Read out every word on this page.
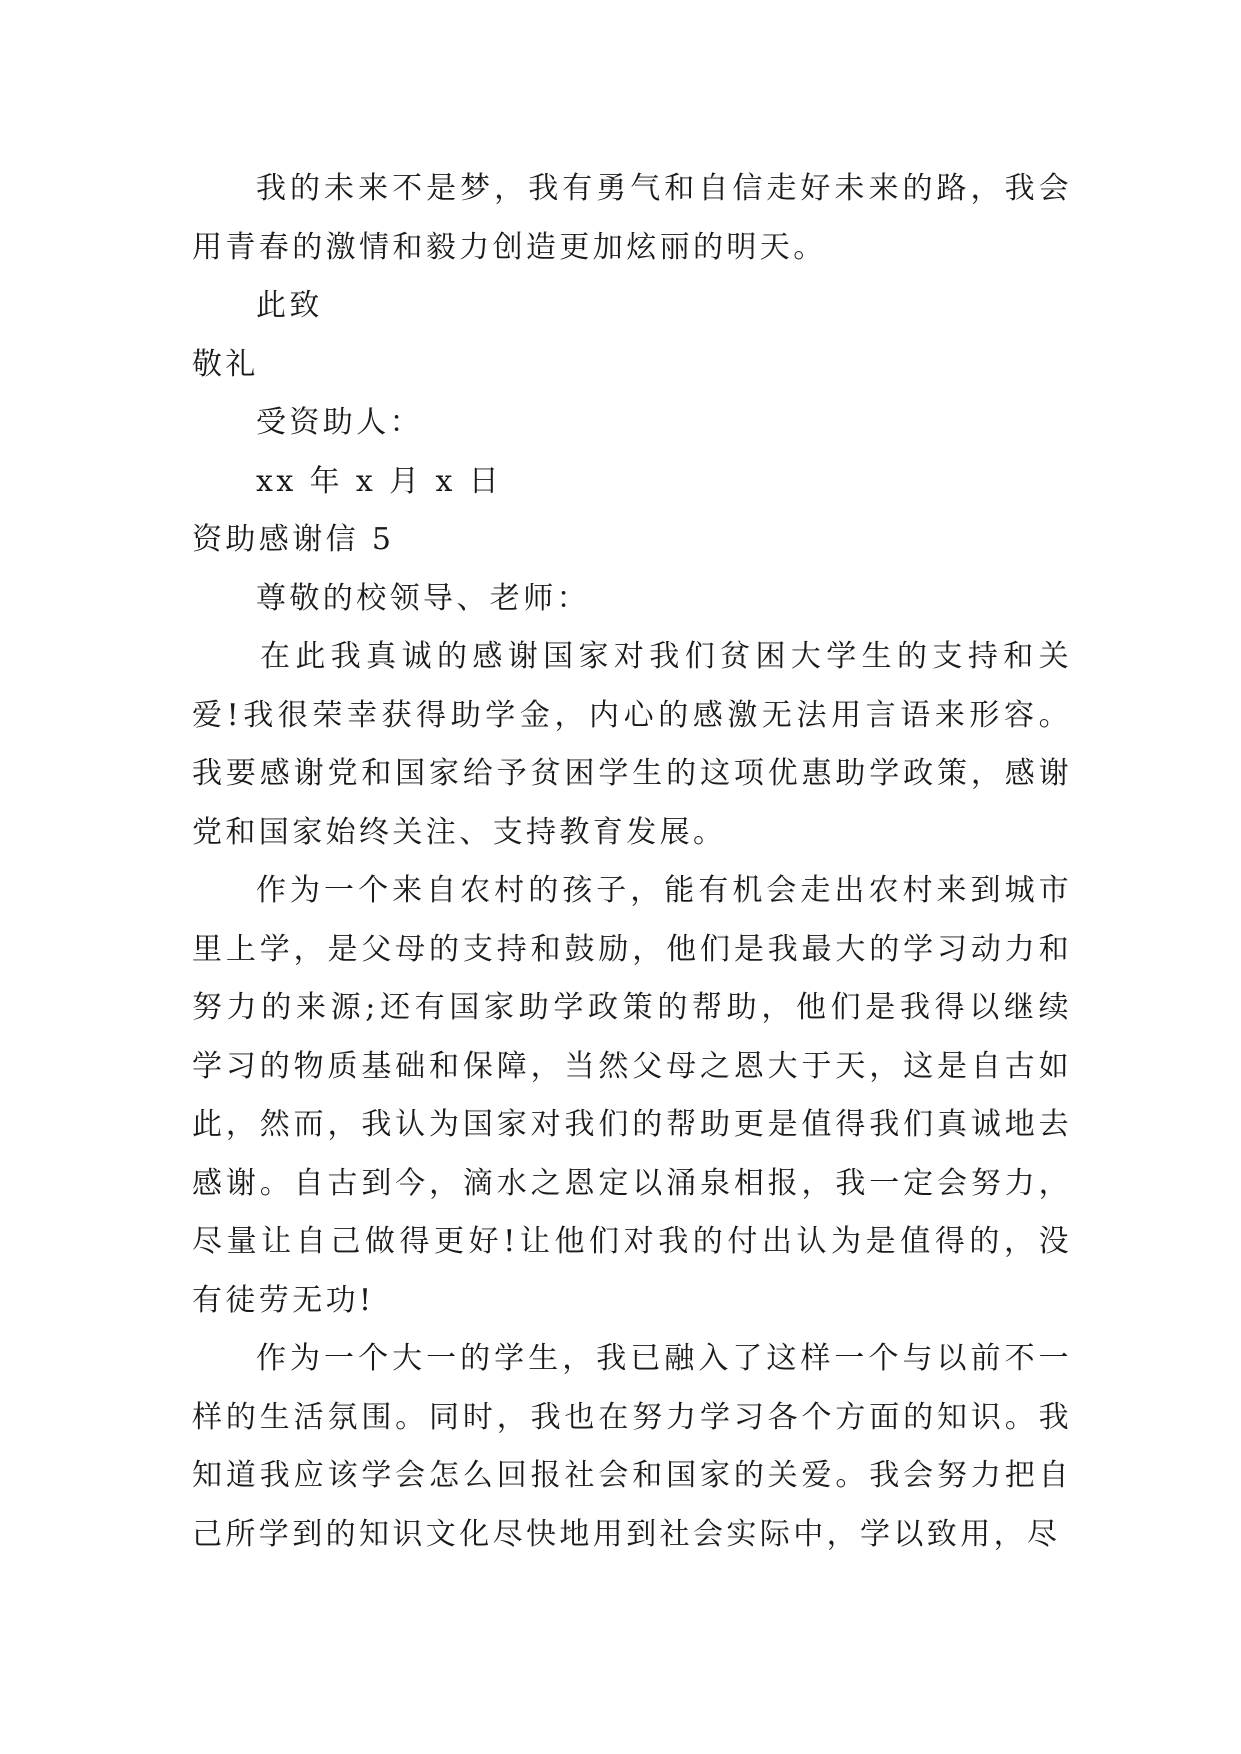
我的未来不是梦，我有勇气和自信走好未来的路，我会用青春的激情和毅力创造更加炫丽的明天。

此致

敬礼

受资助人：

xx 年 x 月 x 日

资助感谢信 5

尊敬的校领导、老师：

在此我真诚的感谢国家对我们贫困大学生的支持和关爱!我很荣幸获得助学金，内心的感激无法用言语来形容。我要感谢党和国家给予贫困学生的这项优惠助学政策，感谢党和国家始终关注、支持教育发展。

作为一个来自农村的孩子，能有机会走出农村来到城市里上学，是父母的支持和鼓励，他们是我最大的学习动力和努力的来源;还有国家助学政策的帮助，他们是我得以继续学习的物质基础和保障，当然父母之恩大于天，这是自古如此，然而，我认为国家对我们的帮助更是值得我们真诚地去感谢。自古到今，滴水之恩定以涌泉相报，我一定会努力，尽量让自己做得更好!让他们对我的付出认为是值得的，没有徒劳无功!

作为一个大一的学生，我已融入了这样一个与以前不一样的生活氛围。同时，我也在努力学习各个方面的知识。我知道我应该学会怎么回报社会和国家的关爱。我会努力把自己所学到的知识文化尽快地用到社会实际中，学以致用，尽
